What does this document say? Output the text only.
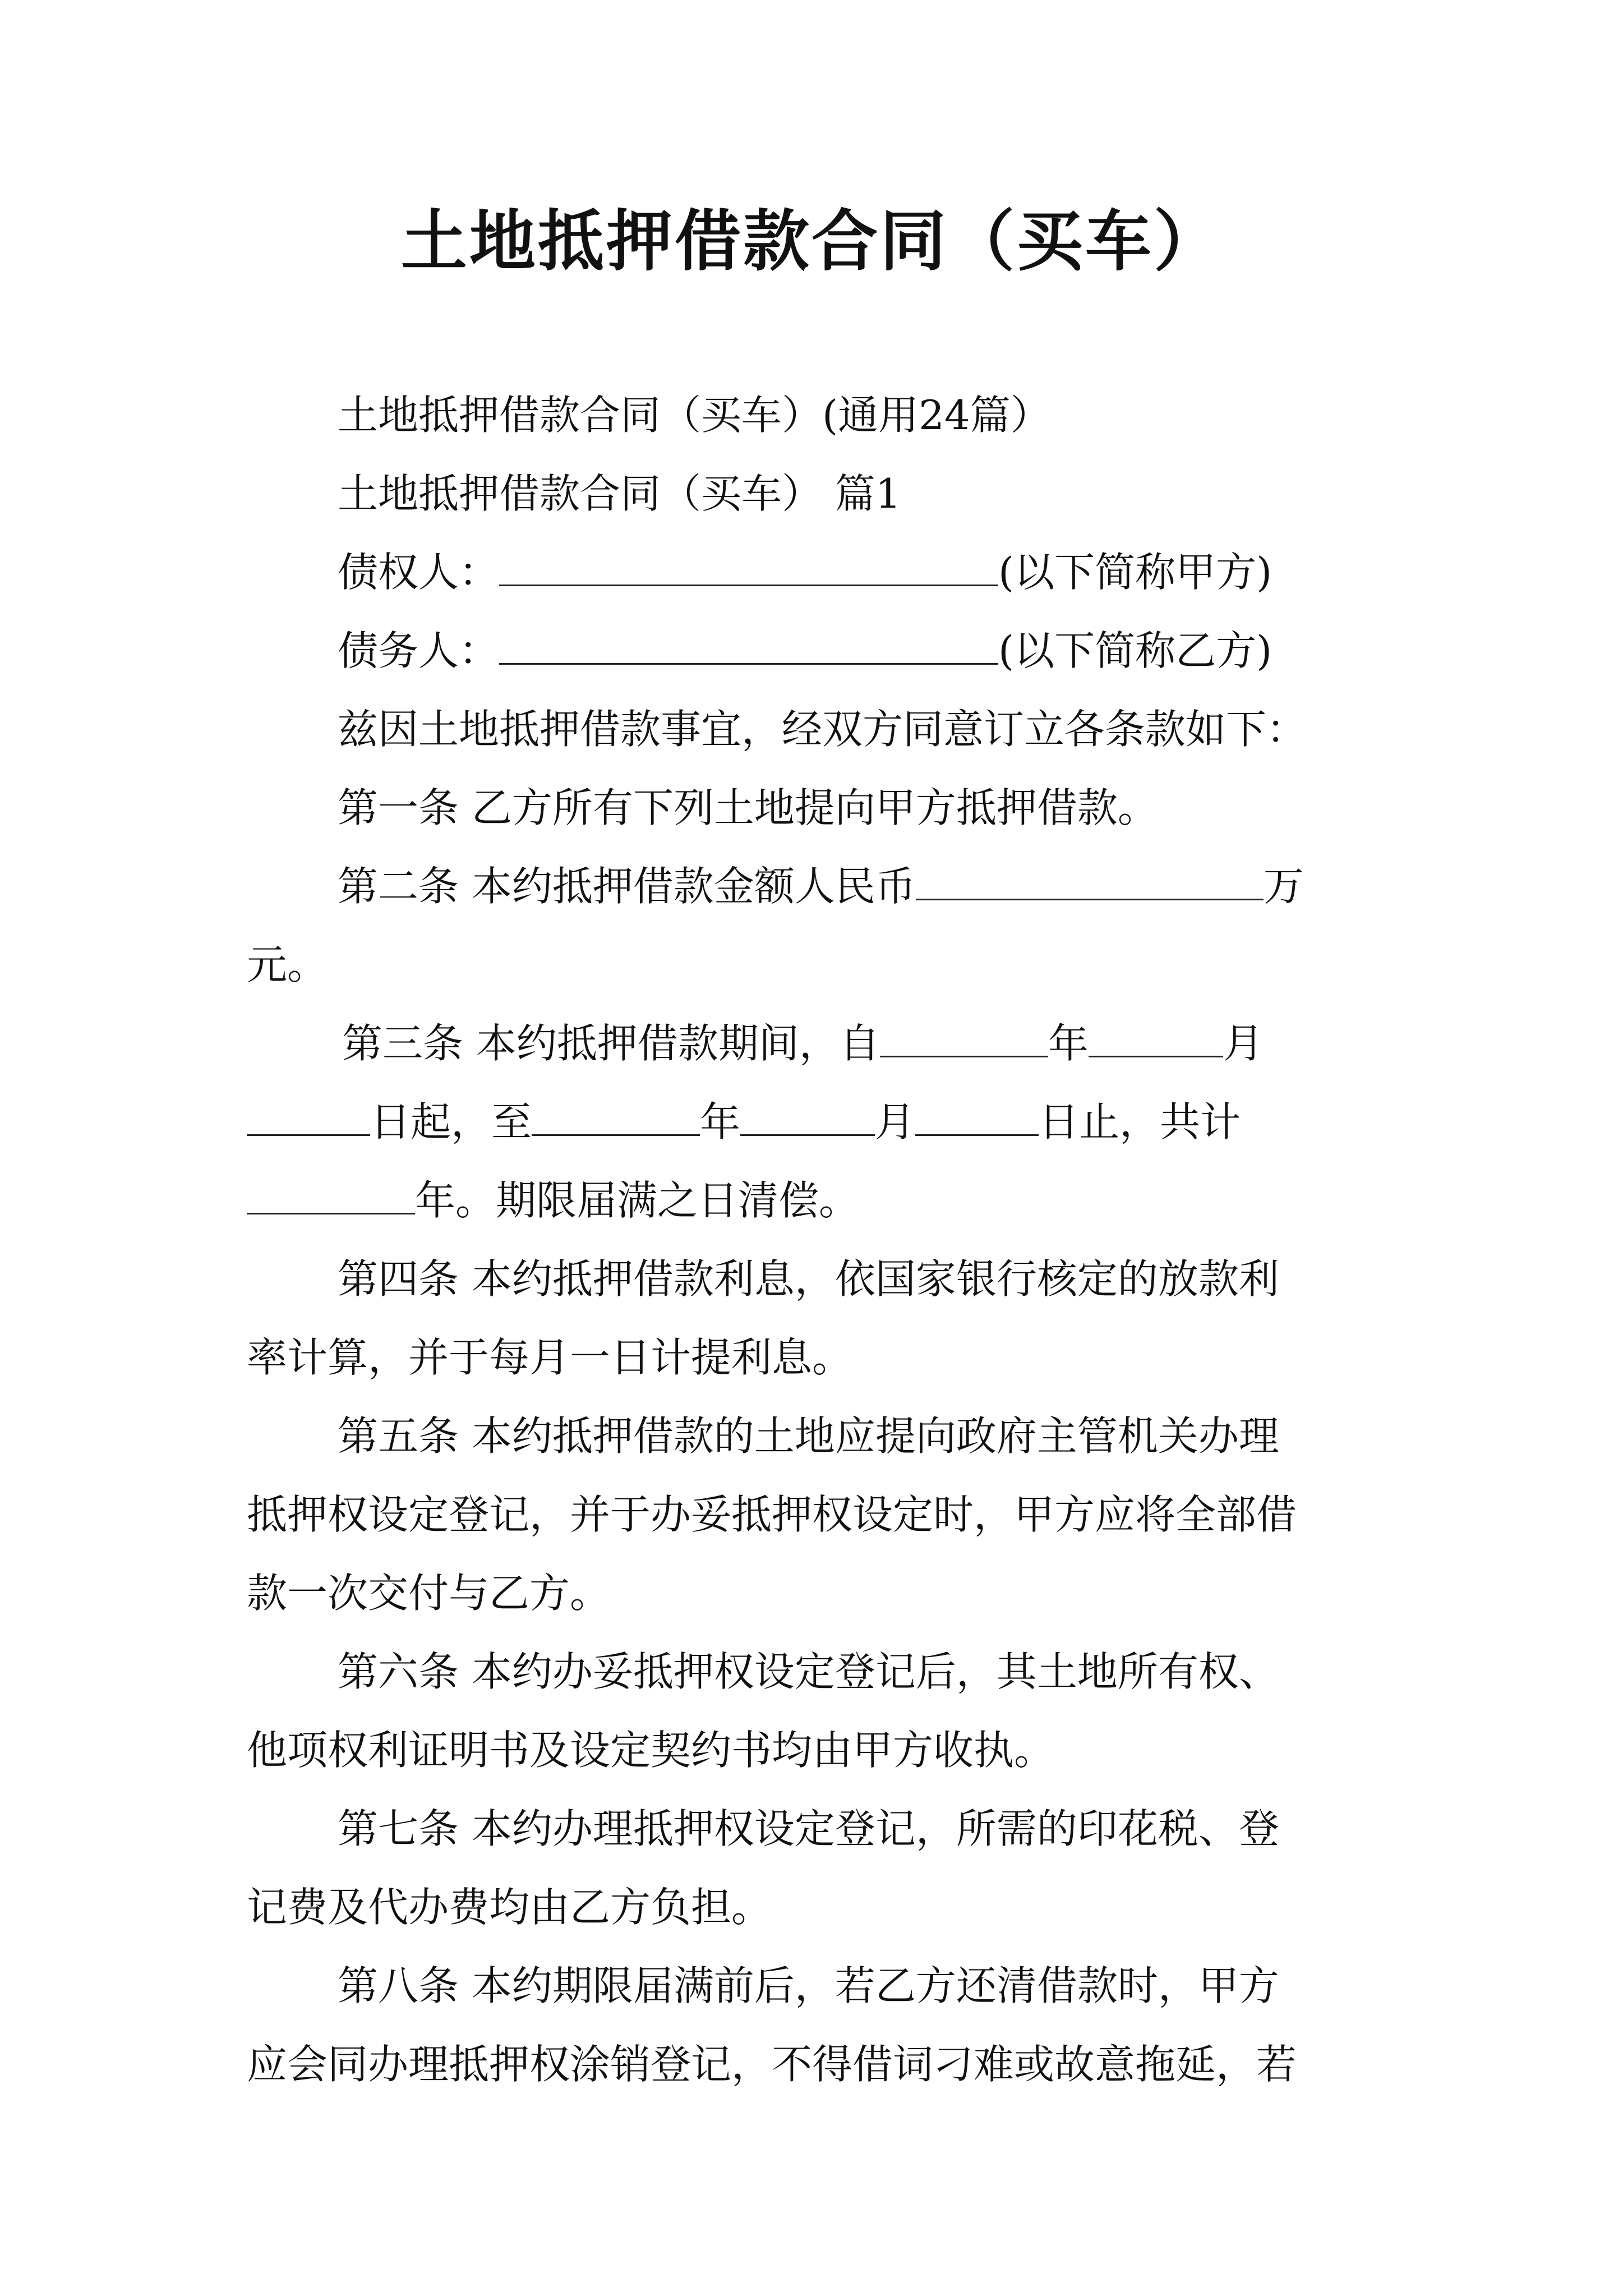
土地抵押借款合同（买车）
土地抵押借款合同（买车）(通用24篇）
土地抵押借款合同（买车） 篇1
债权人：	(以下简称甲方)
债务人：	(以下简称乙方)
兹因土地抵押借款事宜，经双方同意订立各条款如下：
第一条 乙方所有下列土地提向甲方抵押借款。
第二条 本约抵押借款金额人民币	万
元。
第三条 本约抵押借款期间，自	年	月
日起，至	年	月	日止，共计
年。期限届满之日清偿。
第四条 本约抵押借款利息，依国家银行核定的放款利
率计算，并于每月一日计提利息。
第五条 本约抵押借款的土地应提向政府主管机关办理
抵押权设定登记，并于办妥抵押权设定时，甲方应将全部借
款一次交付与乙方。
第六条 本约办妥抵押权设定登记后，其土地所有权、
他项权利证明书及设定契约书均由甲方收执。
第七条 本约办理抵押权设定登记，所需的印花税、登
记费及代办费均由乙方负担。
第八条 本约期限届满前后，若乙方还清借款时，甲方
应会同办理抵押权涂销登记，不得借词刁难或故意拖延，若
